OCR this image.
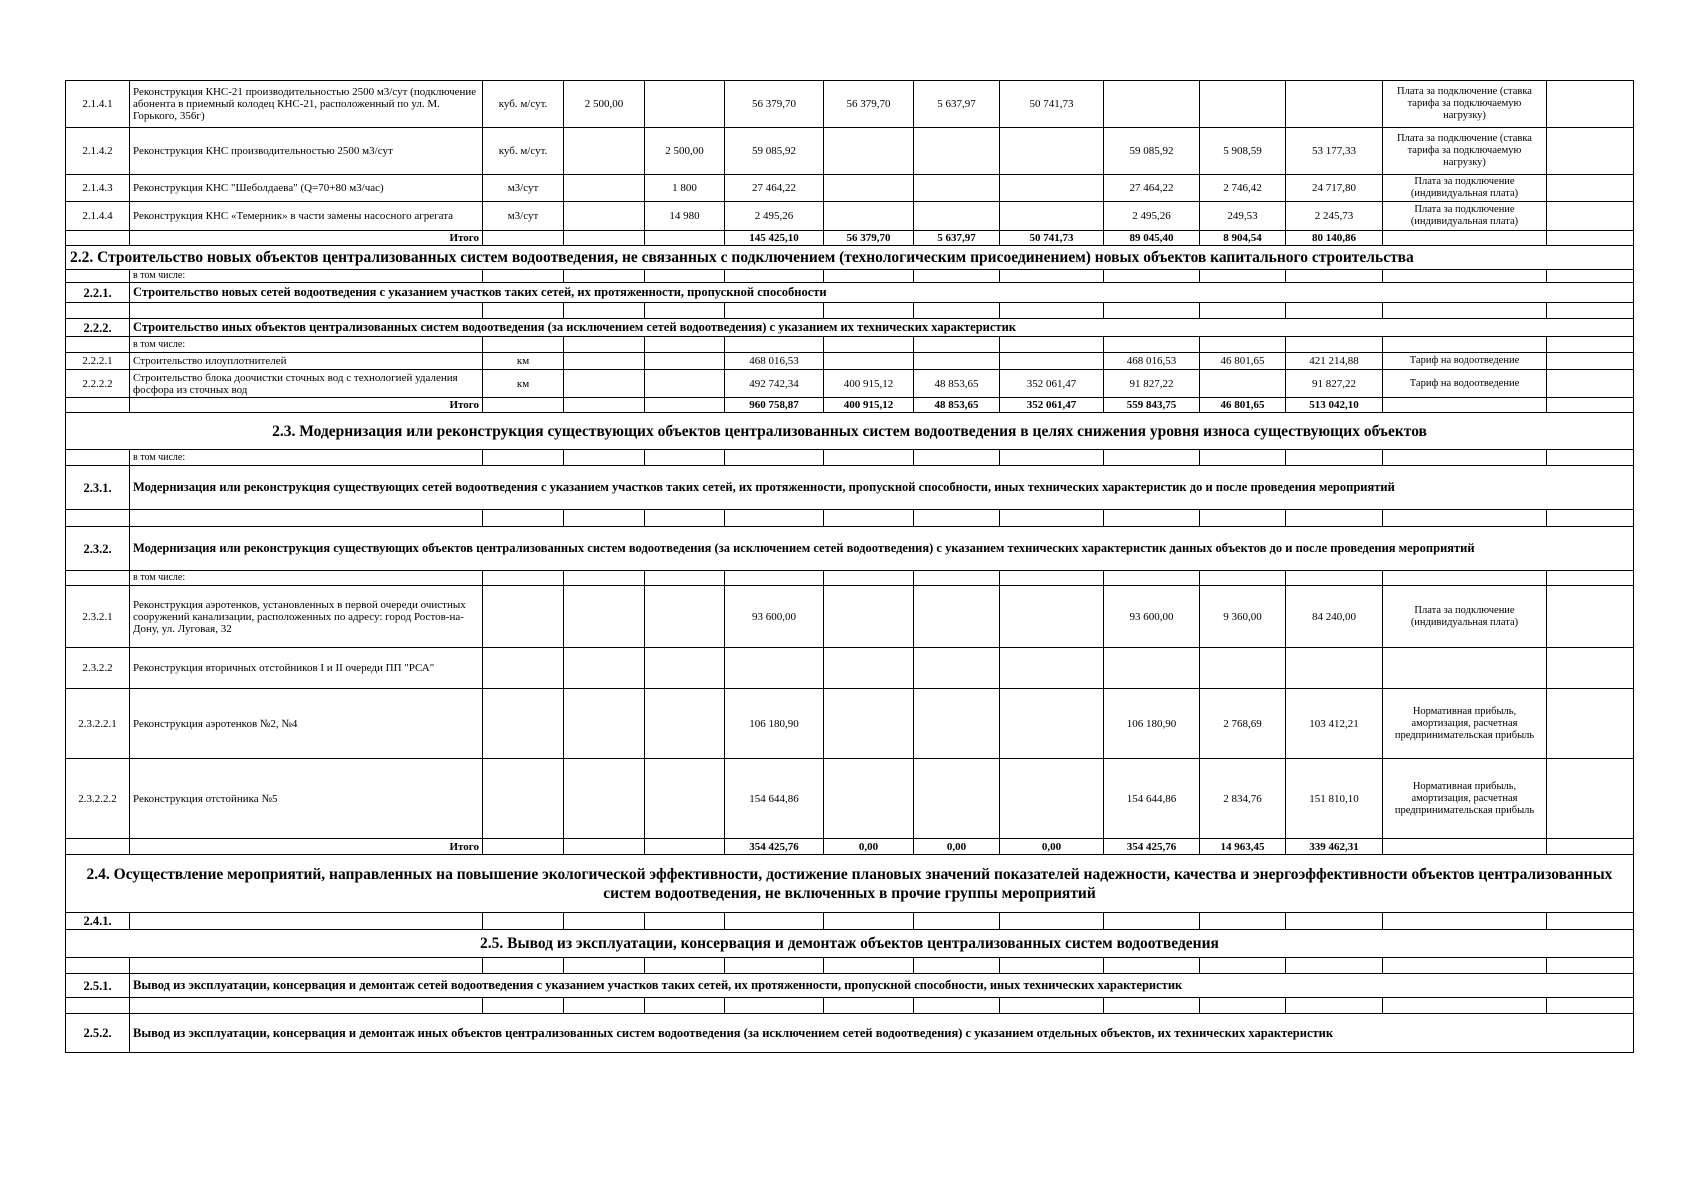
2.1.4.1	Реконструкция КНС-21 производительностью 2500 м3/сут (подключение абонента в приемный колодец КНС-21, расположенный по ул. М. Горького, 356г)	куб. м/сут.	2 500,00		56 379,70	56 379,70	5 637,97	50 741,73				Плата за подключение (ставка тарифа за подключаемую нагрузку)	
2.1.4.2	Реконструкция КНС производительностью 2500 м3/сут	куб. м/сут.		2 500,00	59 085,92				59 085,92	5 908,59	53 177,33	Плата за подключение (ставка тарифа за подключаемую нагрузку)	
2.1.4.3	Реконструкция КНС "Шеболдаева" (Q=70+80 м3/час)	м3/сут		1 800	27 464,22				27 464,22	2 746,42	24 717,80	Плата за подключение (индивидуальная плата)	
2.1.4.4	Реконструкция КНС «Темерник» в части замены насосного агрегата	м3/сут		14 980	2 495,26				2 495,26	249,53	2 245,73	Плата за подключение (индивидуальная плата)	
	Итого				145 425,10	56 379,70	5 637,97	50 741,73	89 045,40	8 904,54	80 140,86		
2.2. Строительство новых объектов централизованных систем водоотведения, не связанных с подключением (технологическим присоединением) новых объектов капитального строительства													
	в том числе:												
2.2.1.	Строительство новых сетей водоотведения с указанием участков таких сетей, их протяженности, пропускной способности												

2.2.2.	Строительство иных объектов централизованных систем водоотведения (за исключением сетей водоотведения) с указанием их технических характеристик												
	в том числе:												
2.2.2.1	Строительство илоуплотнителей	км			468 016,53				468 016,53	46 801,65	421 214,88	Тариф на водоотведение	
2.2.2.2	Строительство блока доочистки сточных вод с технологией удаления фосфора из сточных вод	км			492 742,34	400 915,12	48 853,65	352 061,47	91 827,22		91 827,22	Тариф на водоотведение	
	Итого				960 758,87	400 915,12	48 853,65	352 061,47	559 843,75	46 801,65	513 042,10		
2.3. Модернизация или реконструкция существующих объектов централизованных систем водоотведения в целях снижения уровня износа существующих объектов													
	в том числе:												
2.3.1.	Модернизация или реконструкция существующих сетей водоотведения с указанием участков таких сетей, их протяженности, пропускной способности, иных технических характеристик до и после проведения мероприятий												

2.3.2.	Модернизация или реконструкция существующих объектов централизованных систем водоотведения (за исключением сетей водоотведения) с указанием технических характеристик данных объектов до и после проведения мероприятий												
	в том числе:												
2.3.2.1	Реконструкция аэротенков, установленных в первой очереди очистных сооружений канализации, расположенных по адресу: город Ростов-на-Дону, ул. Луговая, 32				93 600,00				93 600,00	9 360,00	84 240,00	Плата за подключение (индивидуальная плата)	
2.3.2.2	Реконструкция вторичных отстойников I и II очереди ПП "РСА"												
2.3.2.2.1	Реконструкция аэротенков №2, №4				106 180,90				106 180,90	2 768,69	103 412,21	Нормативная прибыль, амортизация, расчетная предпринимательская прибыль	
2.3.2.2.2	Реконструкция отстойника №5				154 644,86				154 644,86	2 834,76	151 810,10	Нормативная прибыль, амортизация, расчетная предпринимательская прибыль	
	Итого				354 425,76	0,00	0,00	0,00	354 425,76	14 963,45	339 462,31		
2.4. Осуществление мероприятий, направленных на повышение экологической эффективности, достижение плановых значений показателей надежности, качества и энергоэффективности объектов централизованных систем водоотведения, не включенных в прочие группы мероприятий													
2.4.1.													
2.5. Вывод из эксплуатации, консервация и демонтаж объектов централизованных систем водоотведения													

2.5.1.	Вывод из эксплуатации, консервация и демонтаж сетей водоотведения с указанием участков таких сетей, их протяженности, пропускной способности, иных технических характеристик												

2.5.2.	Вывод из эксплуатации, консервация и демонтаж иных объектов централизованных систем водоотведения (за исключением сетей водоотведения) с указанием отдельных объектов, их технических характеристик												
